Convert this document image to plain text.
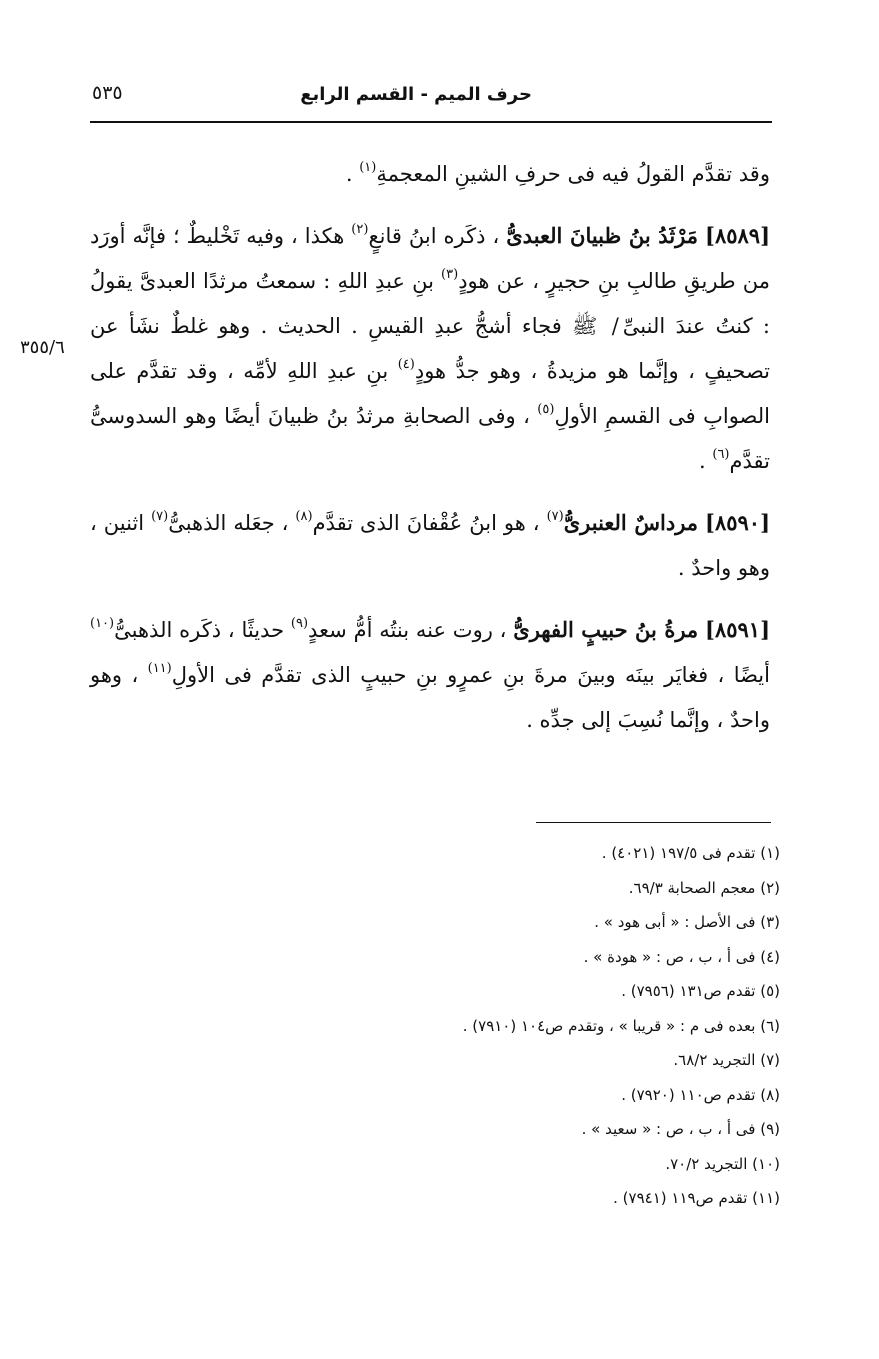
حرف الميم - القسم الرابع
٥٣٥
٣٥٥/٦

وقد تقدَّم القولُ فيه فى حرفِ الشينِ المعجمةِ$^{(١)}$ .

[٨٥٨٩] مَرْثَدُ بنُ ظبيانَ العبدىُّ ، ذكَره ابنُ قانعٍ$^{(٢)}$ هكذا ، وفيه تَخْليطٌ ؛ فإنَّه أورَد من طريقِ طالبِ بنِ حجيرٍ ، عن هودٍ$^{(٣)}$ بنِ عبدِ اللهِ : سمعتُ مرثدًا العبدىَّ يقولُ : كنتُ عندَ النبىِّ/ ﷺ فجاء أشجُّ عبدِ القيسِ . الحديث . وهو غلطٌ نشَأ عن تصحيفٍ ، وإنَّما هو مزيدةُ ، وهو جدُّ هودٍ$^{(٤)}$ بنِ عبدِ اللهِ لأمِّه ، وقد تقدَّم على الصوابِ فى القسمِ الأولِ$^{(٥)}$ ، وفى الصحابةِ مرثدُ بنُ ظبيانَ أيضًا وهو السدوسىُّ تقدَّم$^{(٦)}$ .

[٨٥٩٠] مرداسٌ العنبرىُّ$^{(٧)}$ ، هو ابنُ عُقْفانَ الذى تقدَّم$^{(٨)}$ ، جعَله الذهبىُّ$^{(٧)}$ اثنين ، وهو واحدٌ .

[٨٥٩١] مرةُ بنُ حبيبٍ الفهرىُّ ، روت عنه بنتُه أمُّ سعدٍ$^{(٩)}$ حديثًا ، ذكَره الذهبىُّ$^{(١٠)}$ أيضًا ، فغايَر بينَه وبينَ مرةَ بنِ عمرٍو بنِ حبيبٍ الذى تقدَّم فى الأولِ$^{(١١)}$ ، وهو واحدٌ ، وإنَّما نُسِبَ إلى جدِّه .

(١) تقدم فى ١٩٧/٥ (٤٠٢١) .
(٢) معجم الصحابة ٦٩/٣.
(٣) فى الأصل : « أبى هود » .
(٤) فى أ ، ب ، ص : « هودة » .
(٥) تقدم ص١٣١ (٧٩٥٦) .
(٦) بعده فى م : « قريبا » ، وتقدم ص١٠٤ (٧٩١٠) .
(٧) التجريد ٦٨/٢.
(٨) تقدم ص١١٠ (٧٩٢٠) .
(٩) فى أ ، ب ، ص : « سعيد » .
(١٠) التجريد ٧٠/٢.
(١١) تقدم ص١١٩ (٧٩٤١) .
